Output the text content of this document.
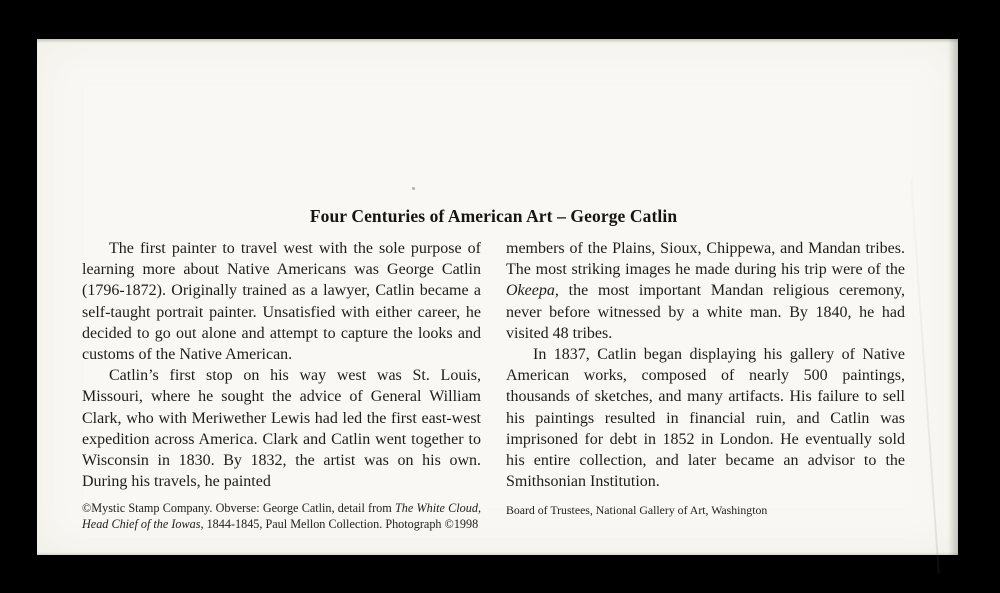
Four Centuries of American Art – George Catlin

The first painter to travel west with the sole purpose of learning more about Native Americans was George Catlin (1796-1872). Originally trained as a lawyer, Catlin became a self-taught portrait painter. Unsatisfied with either career, he decided to go out alone and attempt to capture the looks and customs of the Native American.

Catlin’s first stop on his way west was St. Louis, Missouri, where he sought the advice of General William Clark, who with Meriwether Lewis had led the first east-west expedition across America. Clark and Catlin went together to Wisconsin in 1830. By 1832, the artist was on his own. During his travels, he painted

©Mystic Stamp Company. Obverse: George Catlin, detail from The White Cloud, Head Chief of the Iowas, 1844-1845, Paul Mellon Collection. Photograph ©1998

members of the Plains, Sioux, Chippewa, and Mandan tribes. The most striking images he made during his trip were of the Okeepa, the most important Mandan religious ceremony, never before witnessed by a white man. By 1840, he had visited 48 tribes.

In 1837, Catlin began displaying his gallery of Native American works, composed of nearly 500 paintings, thousands of sketches, and many artifacts. His failure to sell his paintings resulted in financial ruin, and Catlin was imprisoned for debt in 1852 in London. He eventually sold his entire collection, and later became an advisor to the Smithsonian Institution.

Board of Trustees, National Gallery of Art, Washington
